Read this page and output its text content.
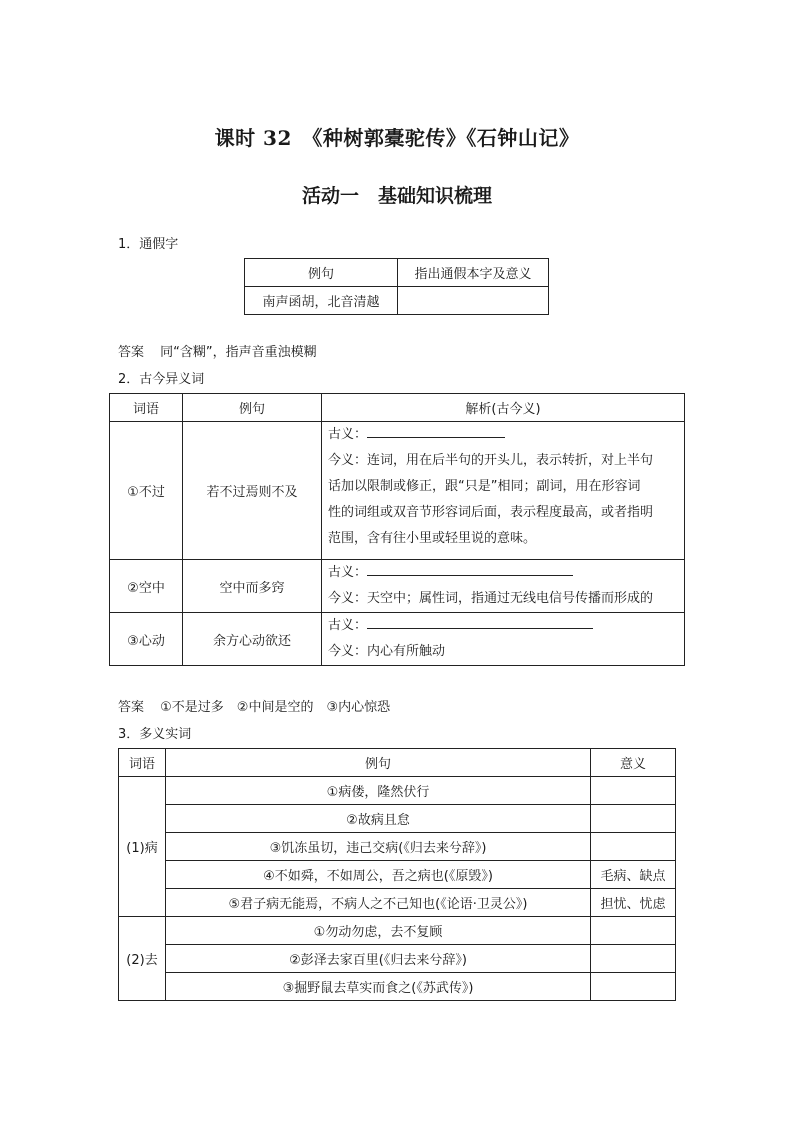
课时 32　《种树郭橐驼传》《石钟山记》
活动一　基础知识梳理
1．通假字
例句	指出通假本字及意义
南声函胡，北音清越	
答案 同“含糊”，指声音重浊模糊
2．古今异义词
词语	例句	解析(古今义)
①不过	若不过焉则不及	古义：
今义：连词，用在后半句的开头儿，表示转折，对上半句
话加以限制或修正，跟“只是”相同；副词，用在形容词
性的词组或双音节形容词后面，表示程度最高，或者指明
范围，含有往小里或轻里说的意味。

②空中	空中而多窍	古义：
今义：天空中；属性词，指通过无线电信号传播而形成的

③心动	余方心动欲还	古义：
今义：内心有所触动
答案 ①不是过多　②中间是空的　③内心惊恐
3．多义实词
词语	例句	意义
(1)病	①病偻，隆然伏行	
	②故病且怠	
	③饥冻虽切，违己交病(《归去来兮辞》)	
	④不如舜，不如周公，吾之病也(《原毁》)	毛病、缺点
	⑤君子病无能焉，不病人之不己知也(《论语·卫灵公》)	担忧、忧虑
(2)去	①勿动勿虑，去不复顾	
	②彭泽去家百里(《归去来兮辞》)	
	③掘野鼠去草实而食之(《苏武传》)	
